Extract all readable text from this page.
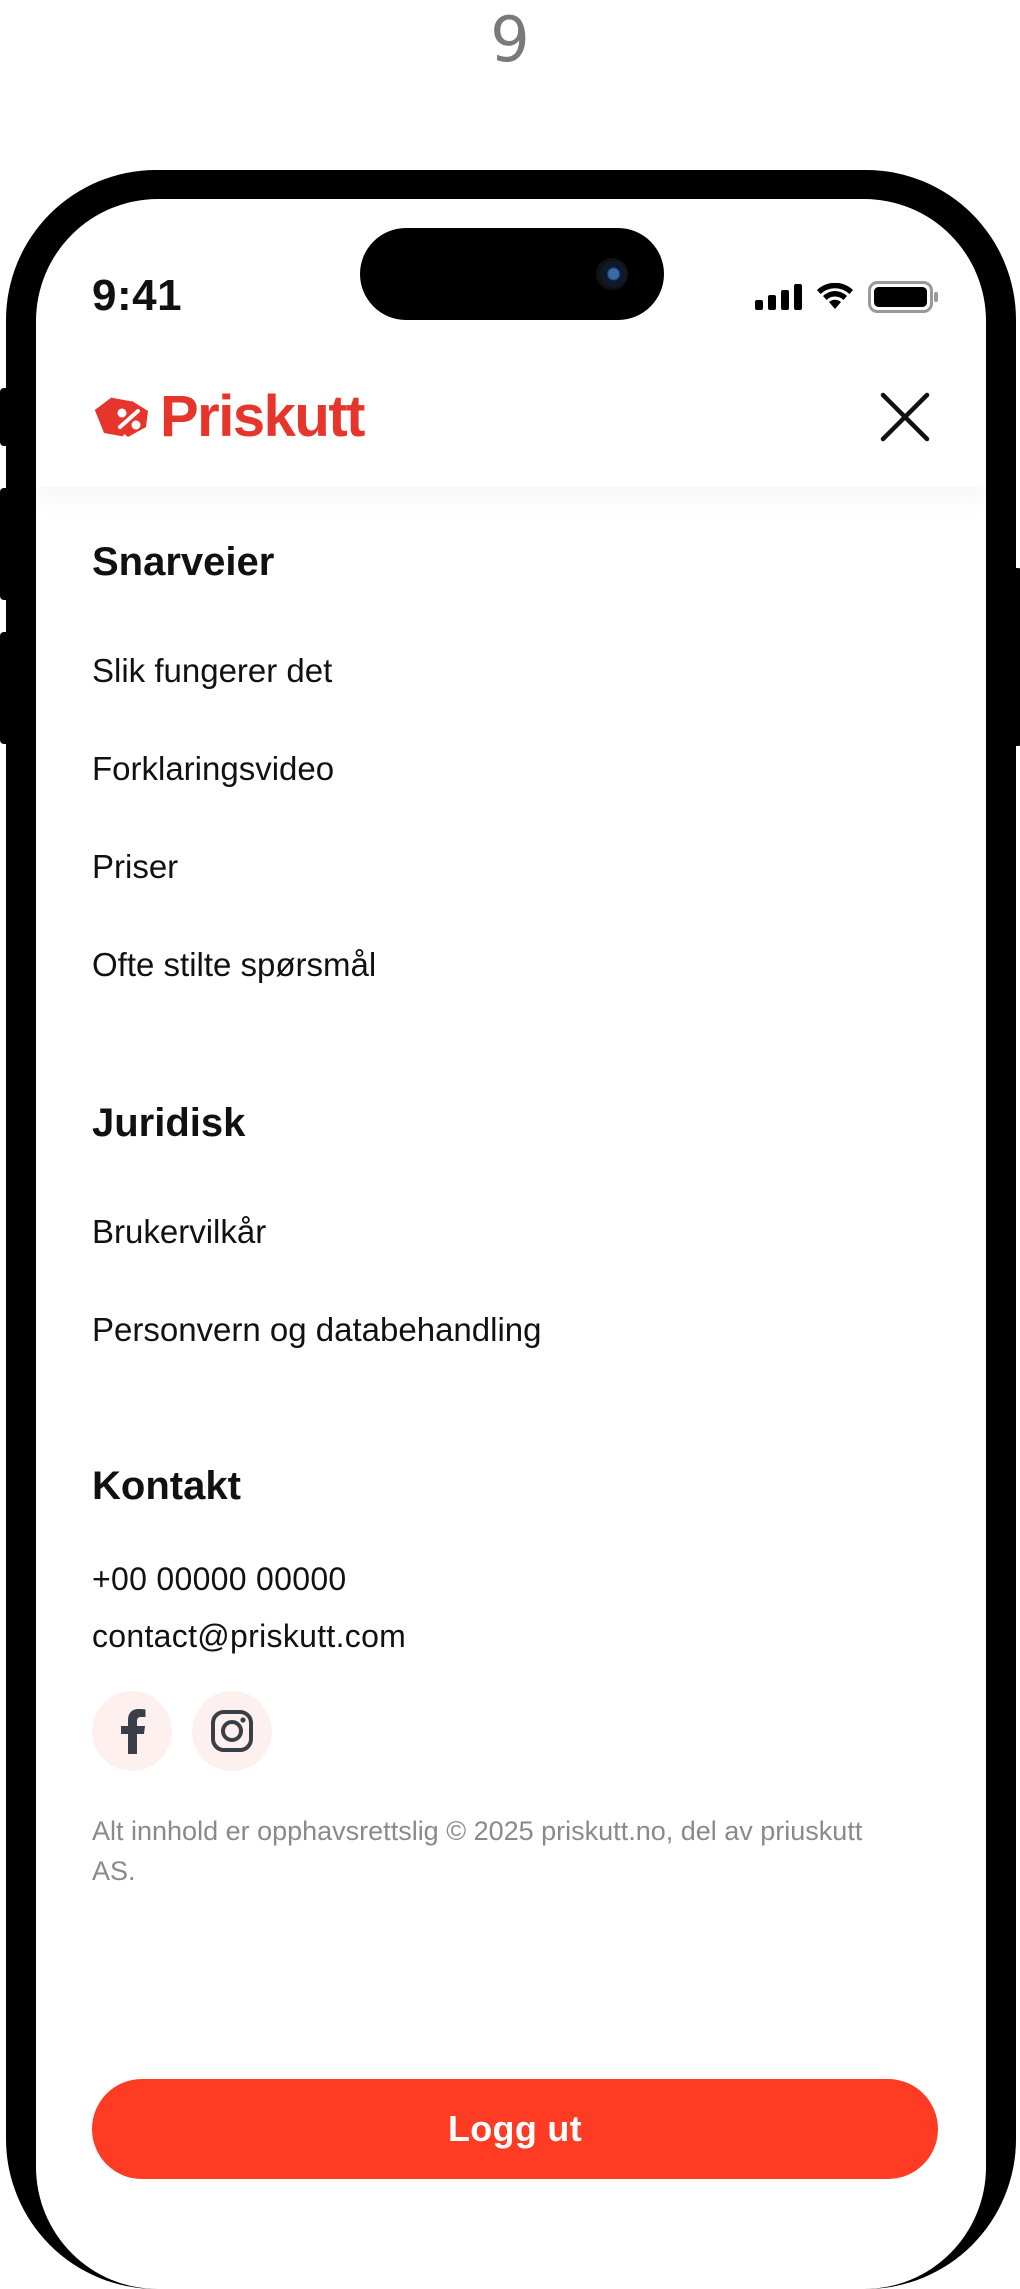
9
9:41
Priskutt
Snarveier
Slik fungerer det
Forklaringsvideo
Priser
Ofte stilte spørsmål
Juridisk
Brukervilkår
Personvern og databehandling
Kontakt
+00 00000 00000
contact@priskutt.com
Alt innhold er opphavsrettslig © 2025 priskutt.no, del av priuskutt AS.
Logg ut
